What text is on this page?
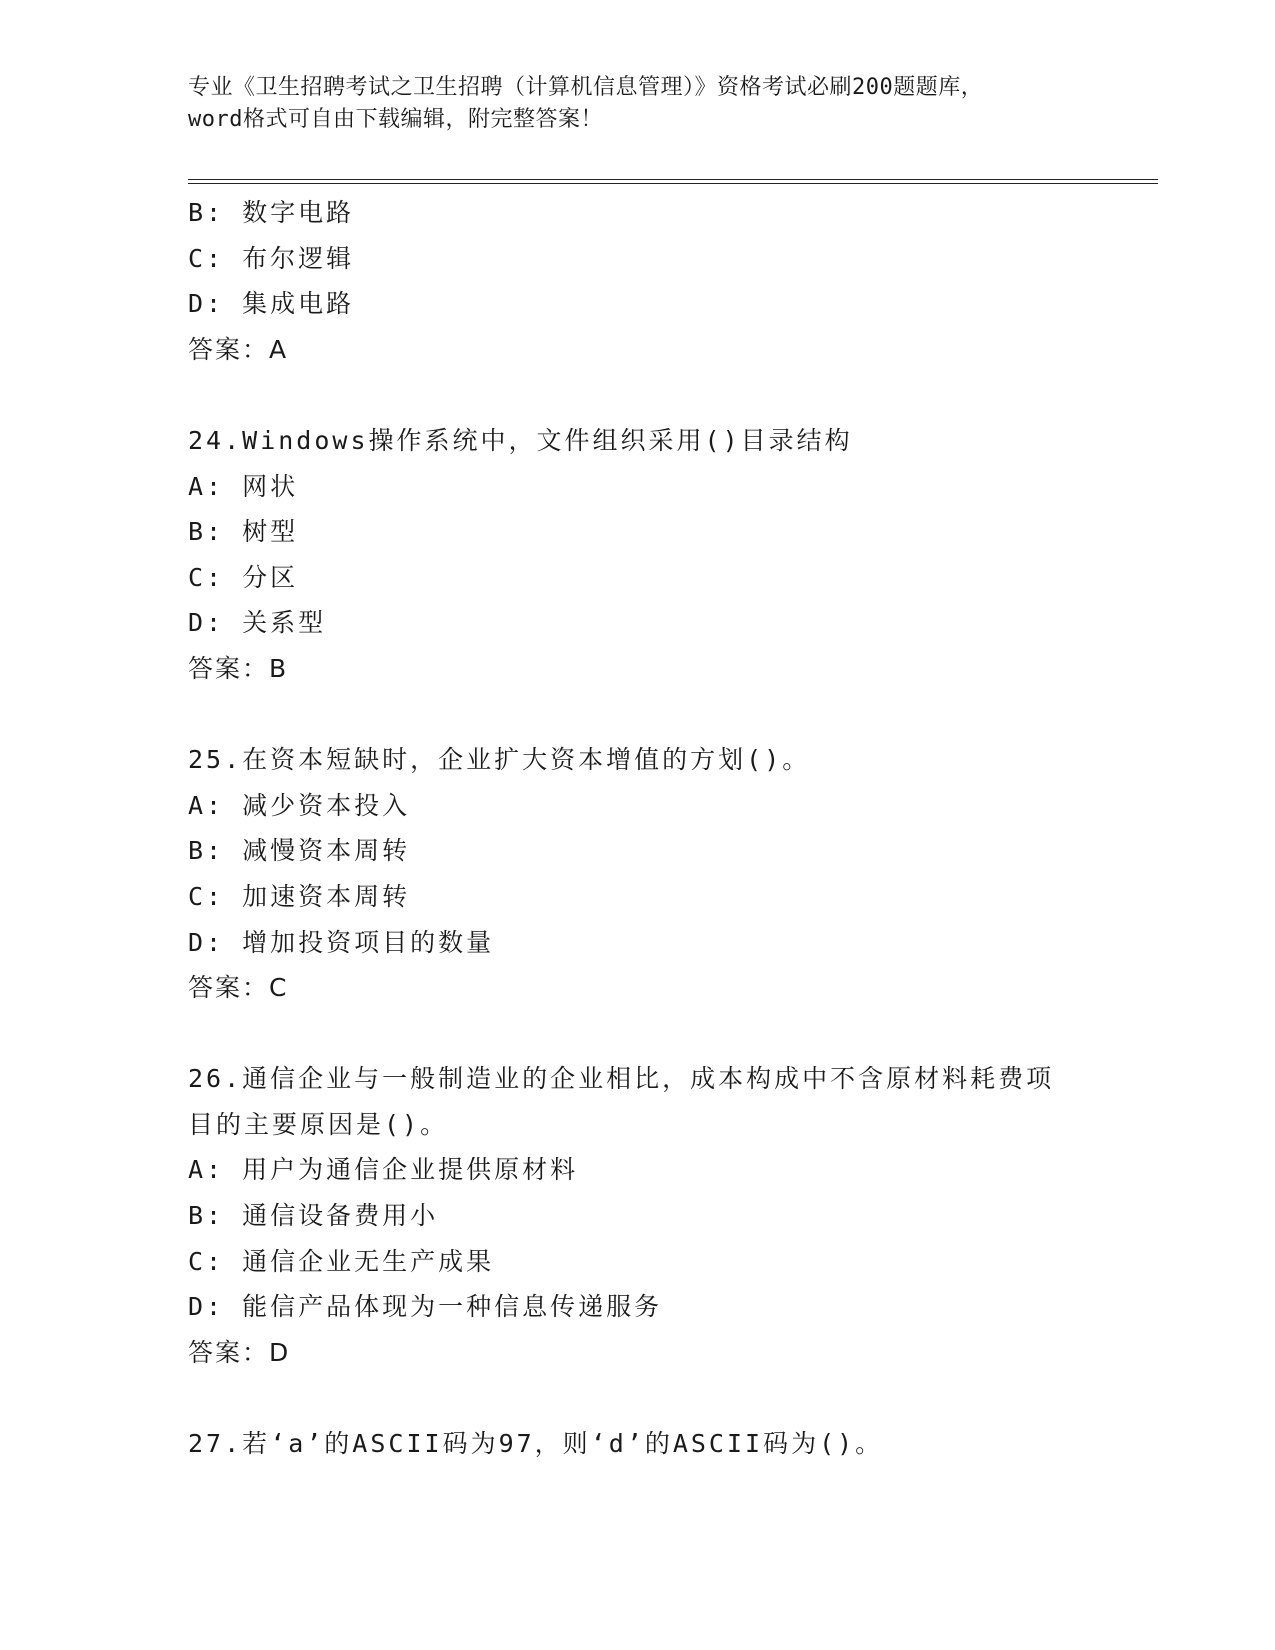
专业《卫生招聘考试之卫生招聘（计算机信息管理）》资格考试必刷200题题库，
word格式可自由下载编辑，附完整答案！
B: 数字电路
C: 布尔逻辑
D: 集成电路
答案：A
24.Windows操作系统中，文件组织采用()目录结构
A: 网状
B: 树型
C: 分区
D: 关系型
答案：B
25.在资本短缺时，企业扩大资本增值的方划()。
A: 减少资本投入
B: 减慢资本周转
C: 加速资本周转
D: 增加投资项目的数量
答案：C
26.通信企业与一般制造业的企业相比，成本构成中不含原材料耗费项
目的主要原因是()。
A: 用户为通信企业提供原材料
B: 通信设备费用小
C: 通信企业无生产成果
D: 能信产品体现为一种信息传递服务
答案：D
27.若‘a’的ASCII码为97，则‘d’的ASCII码为()。
